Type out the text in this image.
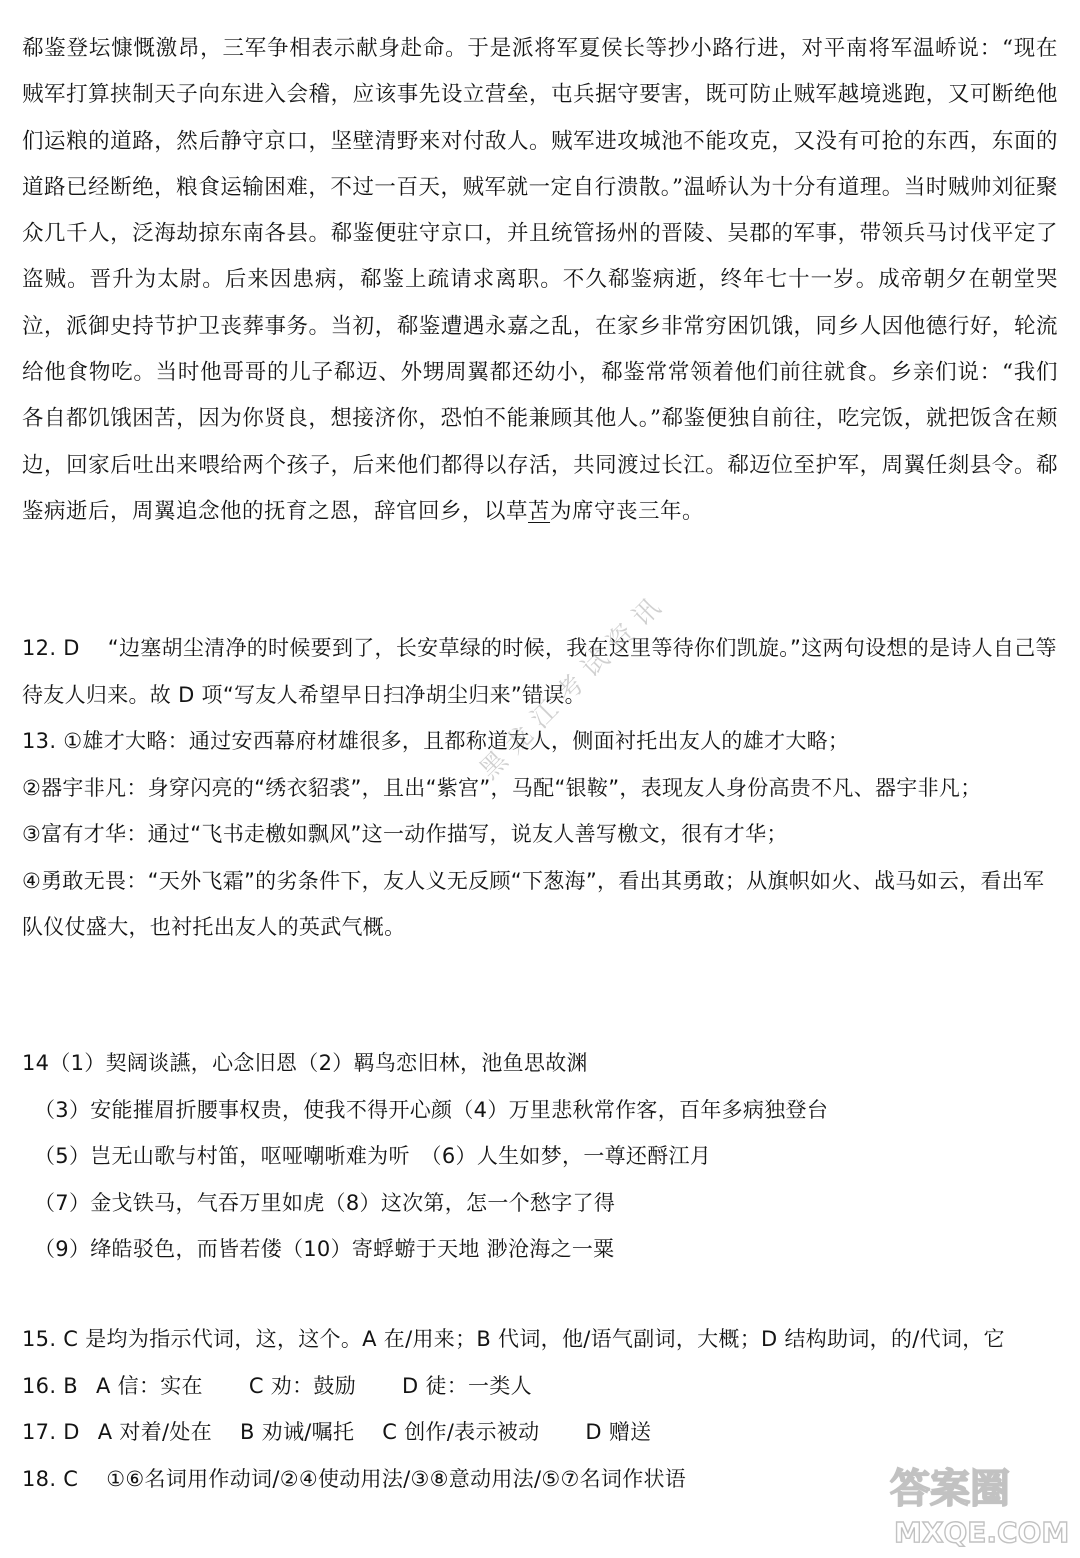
郗鉴登坛慷慨激昂，三军争相表示献身赴命。于是派将军夏侯长等抄小路行进，对平南将军温峤说：“现在贼军打算挟制天子向东进入会稽，应该事先设立营垒，屯兵据守要害，既可防止贼军越境逃跑，又可断绝他们运粮的道路，然后静守京口，坚壁清野来对付敌人。贼军进攻城池不能攻克，又没有可抢的东西，东面的道路已经断绝，粮食运输困难，不过一百天，贼军就一定自行溃散。”温峤认为十分有道理。当时贼帅刘征聚众几千人，泛海劫掠东南各县。郗鉴便驻守京口，并且统管扬州的晋陵、吴郡的军事，带领兵马讨伐平定了盗贼。晋升为太尉。后来因患病，郗鉴上疏请求离职。不久郗鉴病逝，终年七十一岁。成帝朝夕在朝堂哭泣，派御史持节护卫丧葬事务。当初，郗鉴遭遇永嘉之乱，在家乡非常穷困饥饿，同乡人因他德行好，轮流给他食物吃。当时他哥哥的儿子郗迈、外甥周翼都还幼小，郗鉴常常领着他们前往就食。乡亲们说：“我们各自都饥饿困苦，因为你贤良，想接济你，恐怕不能兼顾其他人。”郗鉴便独自前往，吃完饭，就把饭含在颊边，回家后吐出来喂给两个孩子，后来他们都得以存活，共同渡过长江。郗迈位至护军，周翼任剡县令。郗鉴病逝后，周翼追念他的抚育之恩，辞官回乡，以草苫为席守丧三年。

12. D “边塞胡尘清净的时候要到了，长安草绿的时候，我在这里等待你们凯旋。”这两句设想的是诗人自己等待友人归来。故 D 项“写友人希望早日扫净胡尘归来”错误。

13. ①雄才大略：通过安西幕府材雄很多，且都称道友人，侧面衬托出友人的雄才大略；

②器宇非凡：身穿闪亮的“绣衣貂裘”，且出“紫宫”，马配“银鞍”，表现友人身份高贵不凡、器宇非凡；

③富有才华：通过“飞书走檄如飘风”这一动作描写，说友人善写檄文，很有才华；

④勇敢无畏：“天外飞霜”的劣条件下，友人义无反顾“下葱海”，看出其勇敢；从旗帜如火、战马如云，看出军队仪仗盛大，也衬托出友人的英武气概。

14（1）契阔谈讌，心念旧恩（2）羁鸟恋旧林，池鱼思故渊

（3）安能摧眉折腰事权贵，使我不得开心颜（4）万里悲秋常作客，百年多病独登台

（5）岂无山歌与村笛，呕哑嘲哳难为听　（6）人生如梦，一尊还酹江月

（7）金戈铁马，气吞万里如虎（8）这次第，怎一个愁字了得

（9）绛皓驳色，而皆若偻（10）寄蜉蝣于天地 渺沧海之一粟

15. C 是均为指示代词，这，这个。A 在/用来；B 代词，他/语气副词，大概；D 结构助词，的/代词，它

16. B A 信：实在 C 劝：鼓励 D 徒：一类人

17. D A 对着/处在 B 劝诫/嘱托 C 创作/表示被动 D 赠送

18. C ①⑥名词用作动词/②④使动用法/③⑧意动用法/⑤⑦名词作状语

黑龙江考试资讯
答案圈
MXQE.COM
